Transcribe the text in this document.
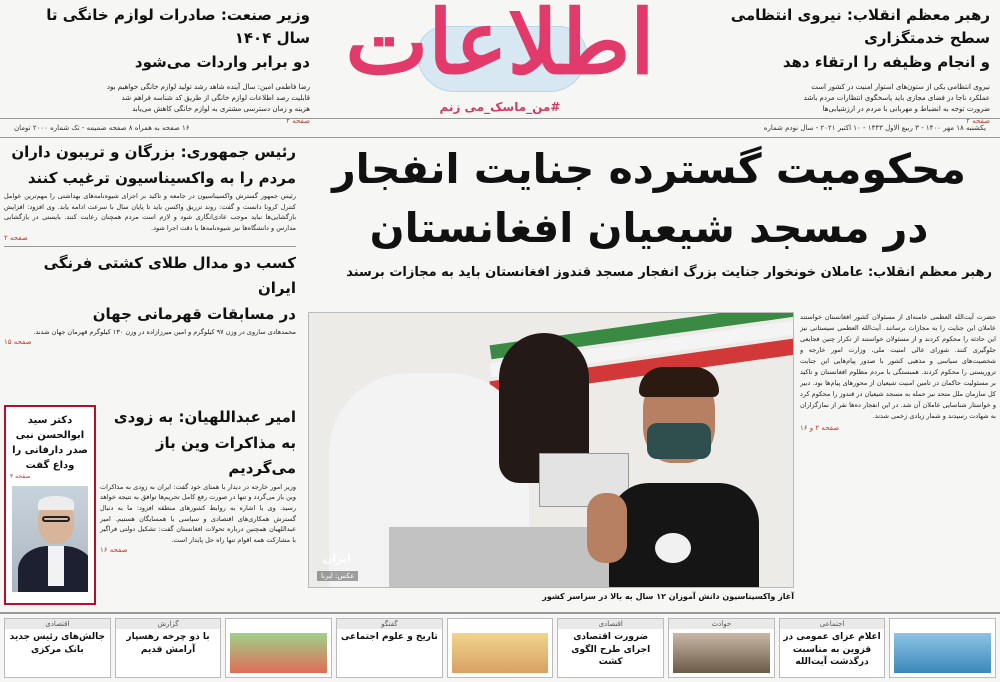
رهبر معظم انقلاب: نیروی انتظامی سطح خدمتگزاری
و انجام وظیفه را ارتقاء دهد
نیروی انتظامی یکی از ستون‌های استوار امنیت در کشور است
عملکرد ناجا در فضای مجازی باید پاسخگوی انتظارات مردم باشد
ضرورت توجه به انضباط و مهربانی با مردم در ارزشیابی‌ها
صفحه ۲
اطلاعات
#من_ماسک_می زنم
وزیر صنعت: صادرات لوازم خانگی تا سال ۱۴۰۴
دو برابر واردات می‌شود
رضا فاطمی امین: سال آینده شاهد رشد تولید لوازم خانگی خواهیم بود
قابلیت رصد اطلاعات لوازم خانگی از طریق کد شناسه فراهم شد
هزینه و زمان دسترسی مشتری به لوازم خانگی کاهش می‌یابد
صفحه ۲
یکشنبه ۱۸ مهر ۱۴۰۰ - ۳ ربیع الاول ۱۴۴۳ - ۱۰ اکتبر ۲۰۲۱ - سال نودم شماره
۱۶ صفحه به همراه ۸ صفحه ضمیمه - تک شماره ۲۰۰۰ تومان
محکومیت گسترده جنایت انفجار
در مسجد شیعیان افغانستان
رهبر معظم انقلاب: عاملان خونخوار جنایت بزرگ انفجار مسجد قندوز افغانستان باید به مجازات برسند
ایران
عکس: ایرنا
آغاز واکسیناسیون دانش آموزان ۱۲ سال به بالا در سراسر کشور

حضرت آیت‌الله العظمی خامنه‌ای از مسئولان کشور افغانستان خواستند عاملان این جنایت را به مجازات برسانند. آیت‌الله العظمی سیستانی نیز این حادثه را محکوم کردند و از مسئولان خواستند از تکرار چنین فجایعی جلوگیری کنند. شورای عالی امنیت ملی، وزارت امور خارجه و شخصیت‌های سیاسی و مذهبی کشور با صدور پیام‌هایی این جنایت تروریستی را محکوم کردند. همبستگی با مردم مظلوم افغانستان و تاکید بر مسئولیت حاکمان در تامین امنیت شیعیان از محورهای پیام‌ها بود. دبیر کل سازمان ملل متحد نیز حمله به مسجد شیعیان در قندوز را محکوم کرد و خواستار شناسایی عاملان آن شد. در این انفجار ده‌ها نفر از نمازگزاران به شهادت رسیدند و شمار زیادی زخمی شدند.

صفحه ۲ و ۱۶
رئیس جمهوری: بزرگان و تریبون داران
مردم را به واکسیناسیون ترغیب کنند

رئیس جمهور گسترش واکسیناسیون در جامعه و تاکید بر اجرای شیوه‌نامه‌های بهداشتی را مهم‌ترین عوامل کنترل کرونا دانست و گفت: روند تزریق واکسن باید تا پایان سال با سرعت ادامه یابد. وی افزود: افزایش بازگشایی‌ها نباید موجب عادی‌انگاری شود و لازم است مردم همچنان رعایت کنند. بایستی در بازگشایی مدارس و دانشگاه‌ها نیز شیوه‌نامه‌ها با دقت اجرا شود.

صفحه ۲
کسب دو مدال طلای کشتی فرنگی ایران
در مسابقات قهرمانی جهان

محمدهادی ساروی در وزن ۹۷ کیلوگرم و امین میرزازاده در وزن ۱۳۰ کیلوگرم قهرمان جهان شدند.

صفحه ۱۵
امیر عبداللهیان: به زودی
به مذاکرات وین باز می‌گردیم

وزیر امور خارجه در دیدار با همتای خود گفت: ایران به زودی به مذاکرات وین باز می‌گردد و تنها در صورت رفع کامل تحریم‌ها توافق به نتیجه خواهد رسید. وی با اشاره به روابط کشورهای منطقه افزود: ما به دنبال گسترش همکاری‌های اقتصادی و سیاسی با همسایگان هستیم. امیر عبداللهیان همچنین درباره تحولات افغانستان گفت: تشکیل دولتی فراگیر با مشارکت همه اقوام تنها راه حل پایدار است.

صفحه ۱۶
دکتر سید ابوالحسن نبی صدر دارفانی را وداع گفت
صفحه ۳
اقتصادی
جالش‌های رئیس جدید بانک مرکزی
گزارش
با دو چرخه رهسپار آرامش قدیم
گفتگو
تاریخ و علوم اجتماعی
اقتصادی
ضرورت اقتصادی اجرای طرح الگوی کشت
حوادث	اجتماعی
اعلام عزای عمومی در قزوین به مناسبت درگذشت آیت‌الله
